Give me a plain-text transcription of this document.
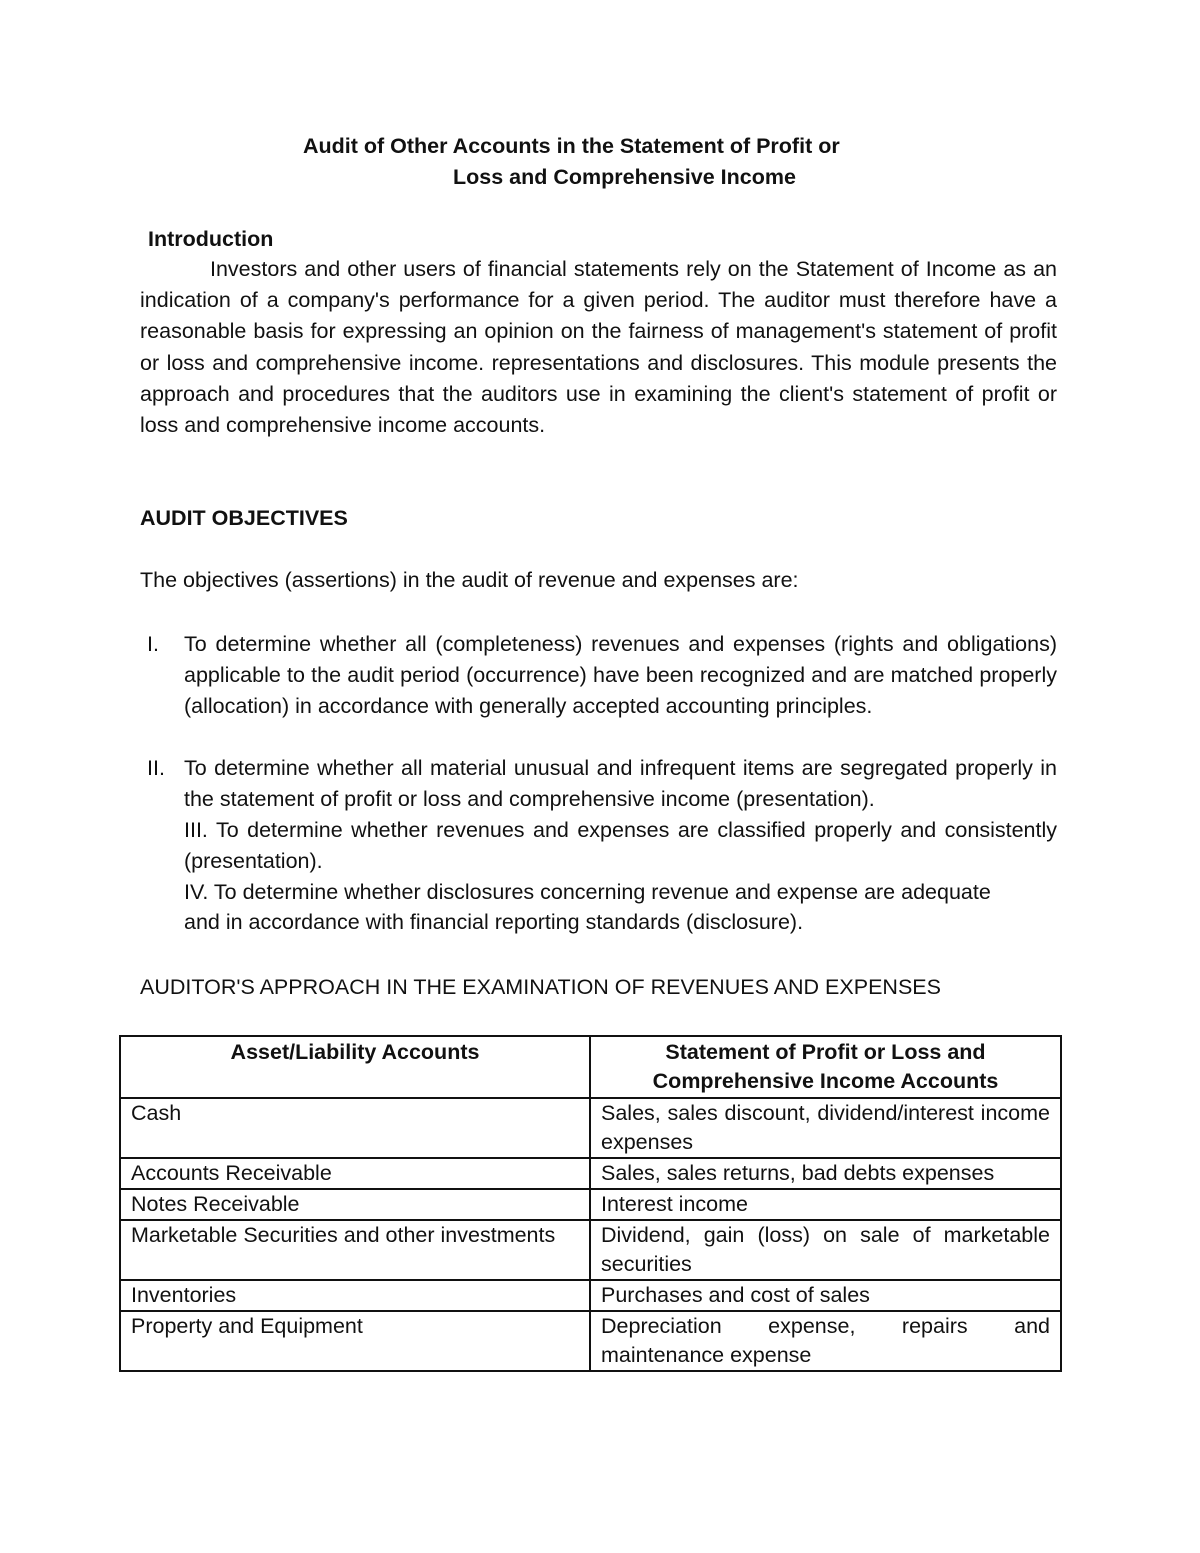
Audit of Other Accounts in the Statement of Profit or
Loss and Comprehensive Income
Introduction

Investors and other users of financial statements rely on the Statement of Income as an indication of a company's performance for a given period. The auditor must therefore have a reasonable basis for expressing an opinion on the fairness of management's statement of profit or loss and comprehensive income. representations and disclosures. This module presents the approach and procedures that the auditors use in examining the client's statement of profit or loss and comprehensive income accounts.

AUDIT OBJECTIVES
The objectives (assertions) in the audit of revenue and expenses are:
I. To determine whether all (completeness) revenues and expenses (rights and obligations) applicable to the audit period (occurrence) have been recognized and are matched properly (allocation) in accordance with generally accepted accounting principles.

II. To determine whether all material unusual and infrequent items are segregated properly in the statement of profit or loss and comprehensive income (presentation).

III. To determine whether revenues and expenses are classified properly and consistently (presentation).

IV. To determine whether disclosures concerning revenue and expense are adequate and in accordance with financial reporting standards (disclosure).

AUDITOR'S APPROACH IN THE EXAMINATION OF REVENUES AND EXPENSES
Asset/Liability Accounts	Statement of Profit or Loss and Comprehensive Income Accounts
Cash	Sales, sales discount, dividend/interest income expenses
Accounts Receivable	Sales, sales returns, bad debts expenses
Notes Receivable	Interest income
Marketable Securities and other investments	Dividend, gain (loss) on sale of marketable securities
Inventories	Purchases and cost of sales
Property and Equipment	Depreciation expense, repairs and maintenance expense
